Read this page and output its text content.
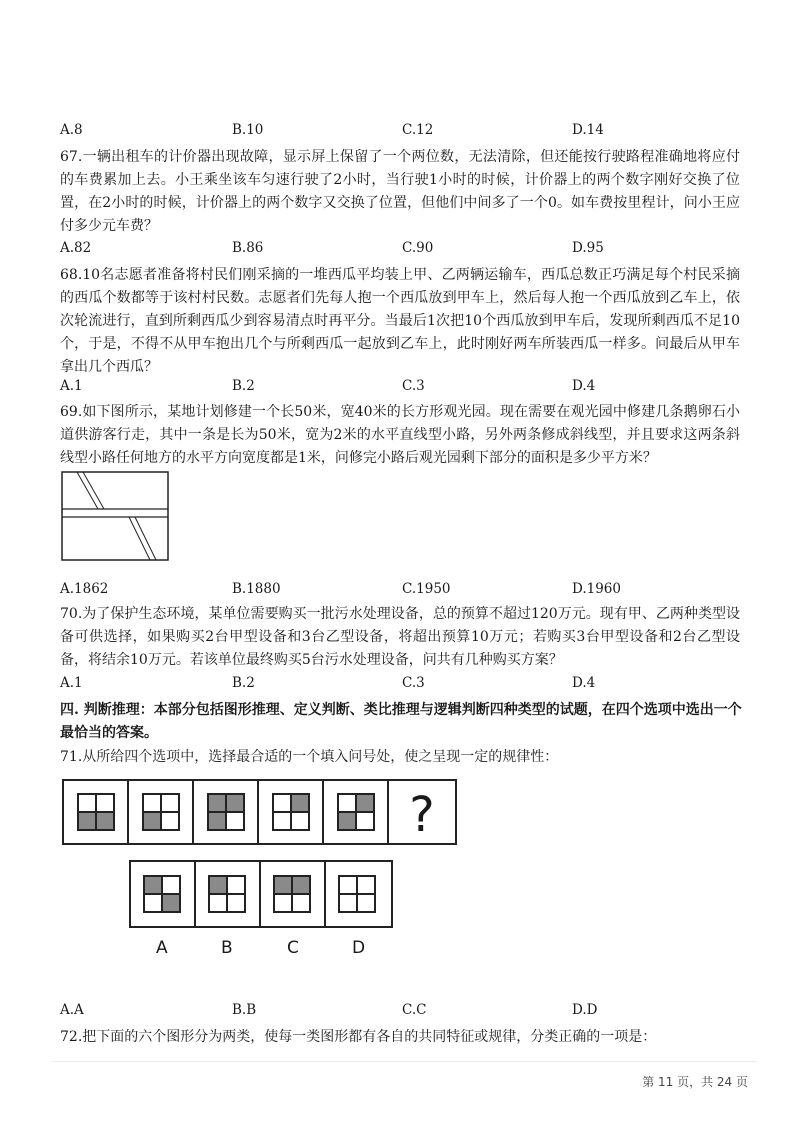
A.8	B.10	C.12	D.14
67.一辆出租车的计价器出现故障，显示屏上保留了一个两位数，无法清除，但还能按行驶路程准确地将应付的车费累加上去。小王乘坐该车匀速行驶了2小时，当行驶1小时的时候，计价器上的两个数字刚好交换了位置，在2小时的时候，计价器上的两个数字又交换了位置，但他们中间多了一个0。如车费按里程计，问小王应付多少元车费？
A.82	B.86	C.90	D.95
68.10名志愿者准备将村民们刚采摘的一堆西瓜平均装上甲、乙两辆运输车，西瓜总数正巧满足每个村民采摘的西瓜个数都等于该村村民数。志愿者们先每人抱一个西瓜放到甲车上，然后每人抱一个西瓜放到乙车上，依次轮流进行，直到所剩西瓜少到容易清点时再平分。当最后1次把10个西瓜放到甲车后，发现所剩西瓜不足10个，于是，不得不从甲车抱出几个与所剩西瓜一起放到乙车上，此时刚好两车所装西瓜一样多。问最后从甲车拿出几个西瓜？
A.1	B.2	C.3	D.4
69.如下图所示，某地计划修建一个长50米，宽40米的长方形观光园。现在需要在观光园中修建几条鹅卵石小道供游客行走，其中一条是长为50米，宽为2米的水平直线型小路，另外两条修成斜线型，并且要求这两条斜线型小路任何地方的水平方向宽度都是1米，问修完小路后观光园剩下部分的面积是多少平方米？
A.1862	B.1880	C.1950	D.1960
70.为了保护生态环境，某单位需要购买一批污水处理设备，总的预算不超过120万元。现有甲、乙两种类型设备可供选择，如果购买2台甲型设备和3台乙型设备，将超出预算10万元；若购买3台甲型设备和2台乙型设备，将结余10万元。若该单位最终购买5台污水处理设备，问共有几种购买方案？
A.1	B.2	C.3	D.4
四. 判断推理：本部分包括图形推理、定义判断、类比推理与逻辑判断四种类型的试题，在四个选项中选出一个最恰当的答案。
71.从所给四个选项中，选择最合适的一个填入问号处，使之呈现一定的规律性：
?
A	B	C	D
A.A	B.B	C.C	D.D
72.把下面的六个图形分为两类，使每一类图形都有各自的共同特征或规律，分类正确的一项是：
第 11 页，共 24 页
